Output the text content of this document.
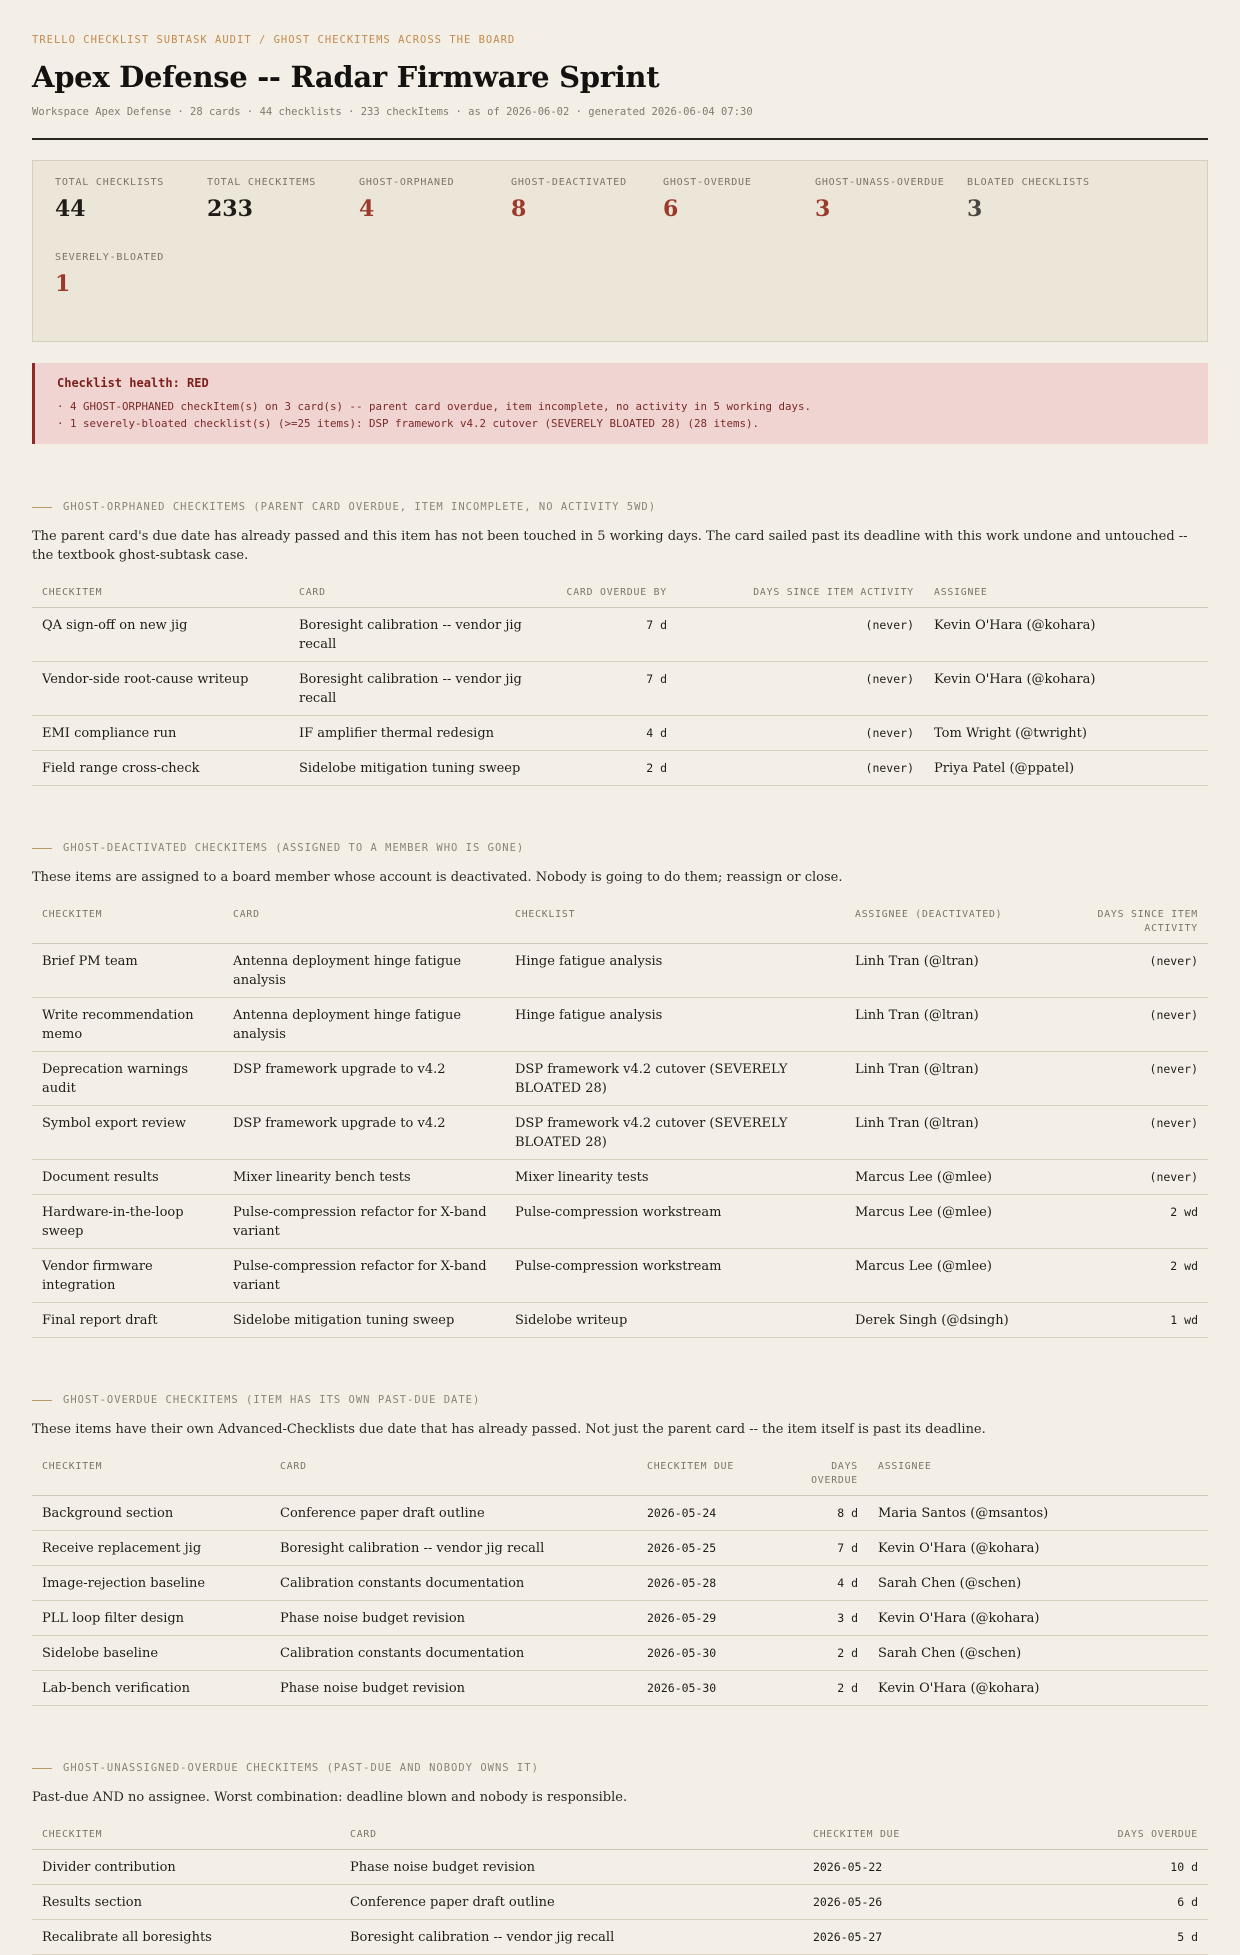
TRELLO CHECKLIST SUBTASK AUDIT / GHOST CHECKITEMS ACROSS THE BOARD
Apex Defense -- Radar Firmware Sprint
Workspace Apex Defense · 28 cards · 44 checklists · 233 checkItems · as of 2026-06-02 · generated 2026-06-04 07:30
TOTAL CHECKLISTS
44
TOTAL CHECKITEMS
233
GHOST-ORPHANED
4
GHOST-DEACTIVATED
8
GHOST-OVERDUE
6
GHOST-UNASS-OVERDUE
3
BLOATED CHECKLISTS
3
SEVERELY-BLOATED
1
Checklist health: RED
· 4 GHOST-ORPHANED checkItem(s) on 3 card(s) -- parent card overdue, item incomplete, no activity in 5 working days.
· 1 severely-bloated checklist(s) (>=25 items): DSP framework v4.2 cutover (SEVERELY BLOATED 28) (28 items).
GHOST-ORPHANED CHECKITEMS (PARENT CARD OVERDUE, ITEM INCOMPLETE, NO ACTIVITY 5WD)
The parent card's due date has already passed and this item has not been touched in 5 working days. The card sailed past its deadline with this work undone and untouched -- the textbook ghost-subtask case.
CHECKITEM	CARD	CARD OVERDUE BY	DAYS SINCE ITEM ACTIVITY	ASSIGNEE
QA sign-off on new jig	Boresight calibration -- vendor jig recall	7 d	(never)	Kevin O'Hara (@kohara)
Vendor-side root-cause writeup	Boresight calibration -- vendor jig recall	7 d	(never)	Kevin O'Hara (@kohara)
EMI compliance run	IF amplifier thermal redesign	4 d	(never)	Tom Wright (@twright)
Field range cross-check	Sidelobe mitigation tuning sweep	2 d	(never)	Priya Patel (@ppatel)
GHOST-DEACTIVATED CHECKITEMS (ASSIGNED TO A MEMBER WHO IS GONE)
These items are assigned to a board member whose account is deactivated. Nobody is going to do them; reassign or close.
CHECKITEM	CARD	CHECKLIST	ASSIGNEE (DEACTIVATED)	DAYS SINCE ITEM ACTIVITY
Brief PM team	Antenna deployment hinge fatigue analysis	Hinge fatigue analysis	Linh Tran (@ltran)	(never)
Write recommendation memo	Antenna deployment hinge fatigue analysis	Hinge fatigue analysis	Linh Tran (@ltran)	(never)
Deprecation warnings audit	DSP framework upgrade to v4.2	DSP framework v4.2 cutover (SEVERELY BLOATED 28)	Linh Tran (@ltran)	(never)
Symbol export review	DSP framework upgrade to v4.2	DSP framework v4.2 cutover (SEVERELY BLOATED 28)	Linh Tran (@ltran)	(never)
Document results	Mixer linearity bench tests	Mixer linearity tests	Marcus Lee (@mlee)	(never)
Hardware-in-the-loop sweep	Pulse-compression refactor for X-band variant	Pulse-compression workstream	Marcus Lee (@mlee)	2 wd
Vendor firmware integration	Pulse-compression refactor for X-band variant	Pulse-compression workstream	Marcus Lee (@mlee)	2 wd
Final report draft	Sidelobe mitigation tuning sweep	Sidelobe writeup	Derek Singh (@dsingh)	1 wd
GHOST-OVERDUE CHECKITEMS (ITEM HAS ITS OWN PAST-DUE DATE)
These items have their own Advanced-Checklists due date that has already passed. Not just the parent card -- the item itself is past its deadline.
CHECKITEM	CARD	CHECKITEM DUE	DAYS OVERDUE	ASSIGNEE
Background section	Conference paper draft outline	2026-05-24	8 d	Maria Santos (@msantos)
Receive replacement jig	Boresight calibration -- vendor jig recall	2026-05-25	7 d	Kevin O'Hara (@kohara)
Image-rejection baseline	Calibration constants documentation	2026-05-28	4 d	Sarah Chen (@schen)
PLL loop filter design	Phase noise budget revision	2026-05-29	3 d	Kevin O'Hara (@kohara)
Sidelobe baseline	Calibration constants documentation	2026-05-30	2 d	Sarah Chen (@schen)
Lab-bench verification	Phase noise budget revision	2026-05-30	2 d	Kevin O'Hara (@kohara)
GHOST-UNASSIGNED-OVERDUE CHECKITEMS (PAST-DUE AND NOBODY OWNS IT)
Past-due AND no assignee. Worst combination: deadline blown and nobody is responsible.
CHECKITEM	CARD	CHECKITEM DUE	DAYS OVERDUE
Divider contribution	Phase noise budget revision	2026-05-22	10 d
Results section	Conference paper draft outline	2026-05-26	6 d
Recalibrate all boresights	Boresight calibration -- vendor jig recall	2026-05-27	5 d
